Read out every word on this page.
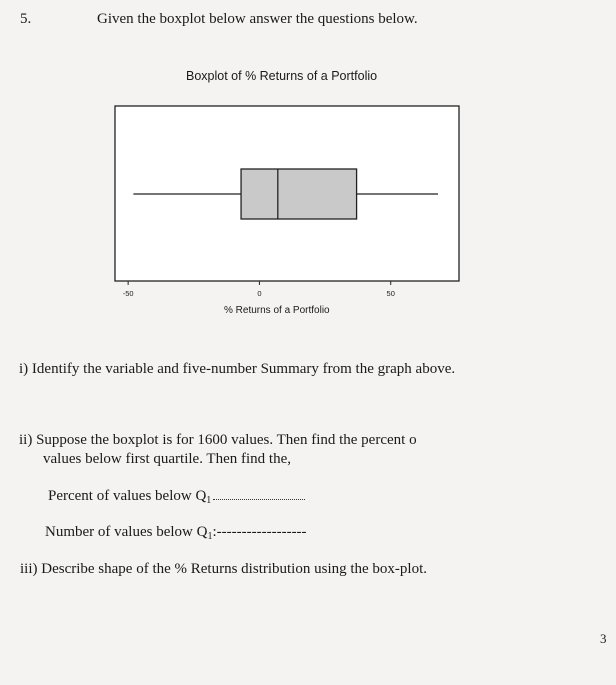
5.	Given the boxplot below answer the questions below.
Boxplot of % Returns of a Portfolio
-50	0	50
% Returns of a Portfolio
i) Identify the variable and five-number Summary from the graph above.
ii) Suppose the boxplot is for 1600 values. Then find the percent o
values below first quartile. Then find the,
Percent of values below $Q_1$
Number of values below $Q_1:------------------$
iii) Describe shape of the % Returns distribution using the box-plot.
3
